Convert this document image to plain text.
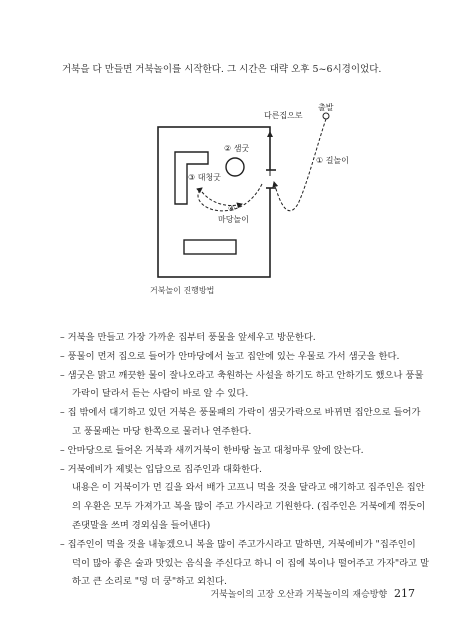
거북을 다 만들면 거북놀이를 시작한다. 그 시간은 대략 오후 5~6시경이었다.
출발
다른집으로
② 샘굿
③ 대청굿
① 길놀이
④
마당놀이
거북놀이 진행방법

– 거북을 만들고 가장 가까운 집부터 풍물을 앞세우고 방문한다.

– 풍물이 먼저 집으로 들어가 안마당에서 놀고 집안에 있는 우물로 가서 샘굿을 한다.

– 샘굿은 맑고 깨끗한 물이 잘나오라고 축원하는 사설을 하기도 하고 안하기도 했으나 풍물

가락이 달라서 듣는 사람이 바로 알 수 있다.

– 집 밖에서 대기하고 있던 거북은 풍물패의 가락이 샘굿가락으로 바뀌면 집안으로 들어가

고 풍물패는 마당 한쪽으로 물러나 연주한다.

– 안마당으로 들어온 거북과 새끼거북이 한바탕 놀고 대청마루 앞에 앉는다.

– 거북에비가 제빛는 입담으로 집주인과 대화한다.

내용은 이 거북이가 먼 길을 와서 배가 고프니 먹을 것을 달라고 얘기하고 집주인은 집안

의 우환은 모두 가져가고 복을 많이 주고 가시라고 기원한다. (집주인은 거북에게 꺾듯이

존댓말을 쓰며 경외심을 들어낸다)

– 집주인이 먹을 것을 내놓겠으니 복을 많이 주고가시라고 말하면, 거북에비가 "집주인이

덕이 많아 좋은 술과 맛있는 음식을 주신다고 하니 이 집에 복이나 떨어주고 가자"라고 말

하고 큰 소리로 "덩 더 쿵"하고 외친다.

거북놀이의 고장 오산과 거북놀이의 재승방향 217
